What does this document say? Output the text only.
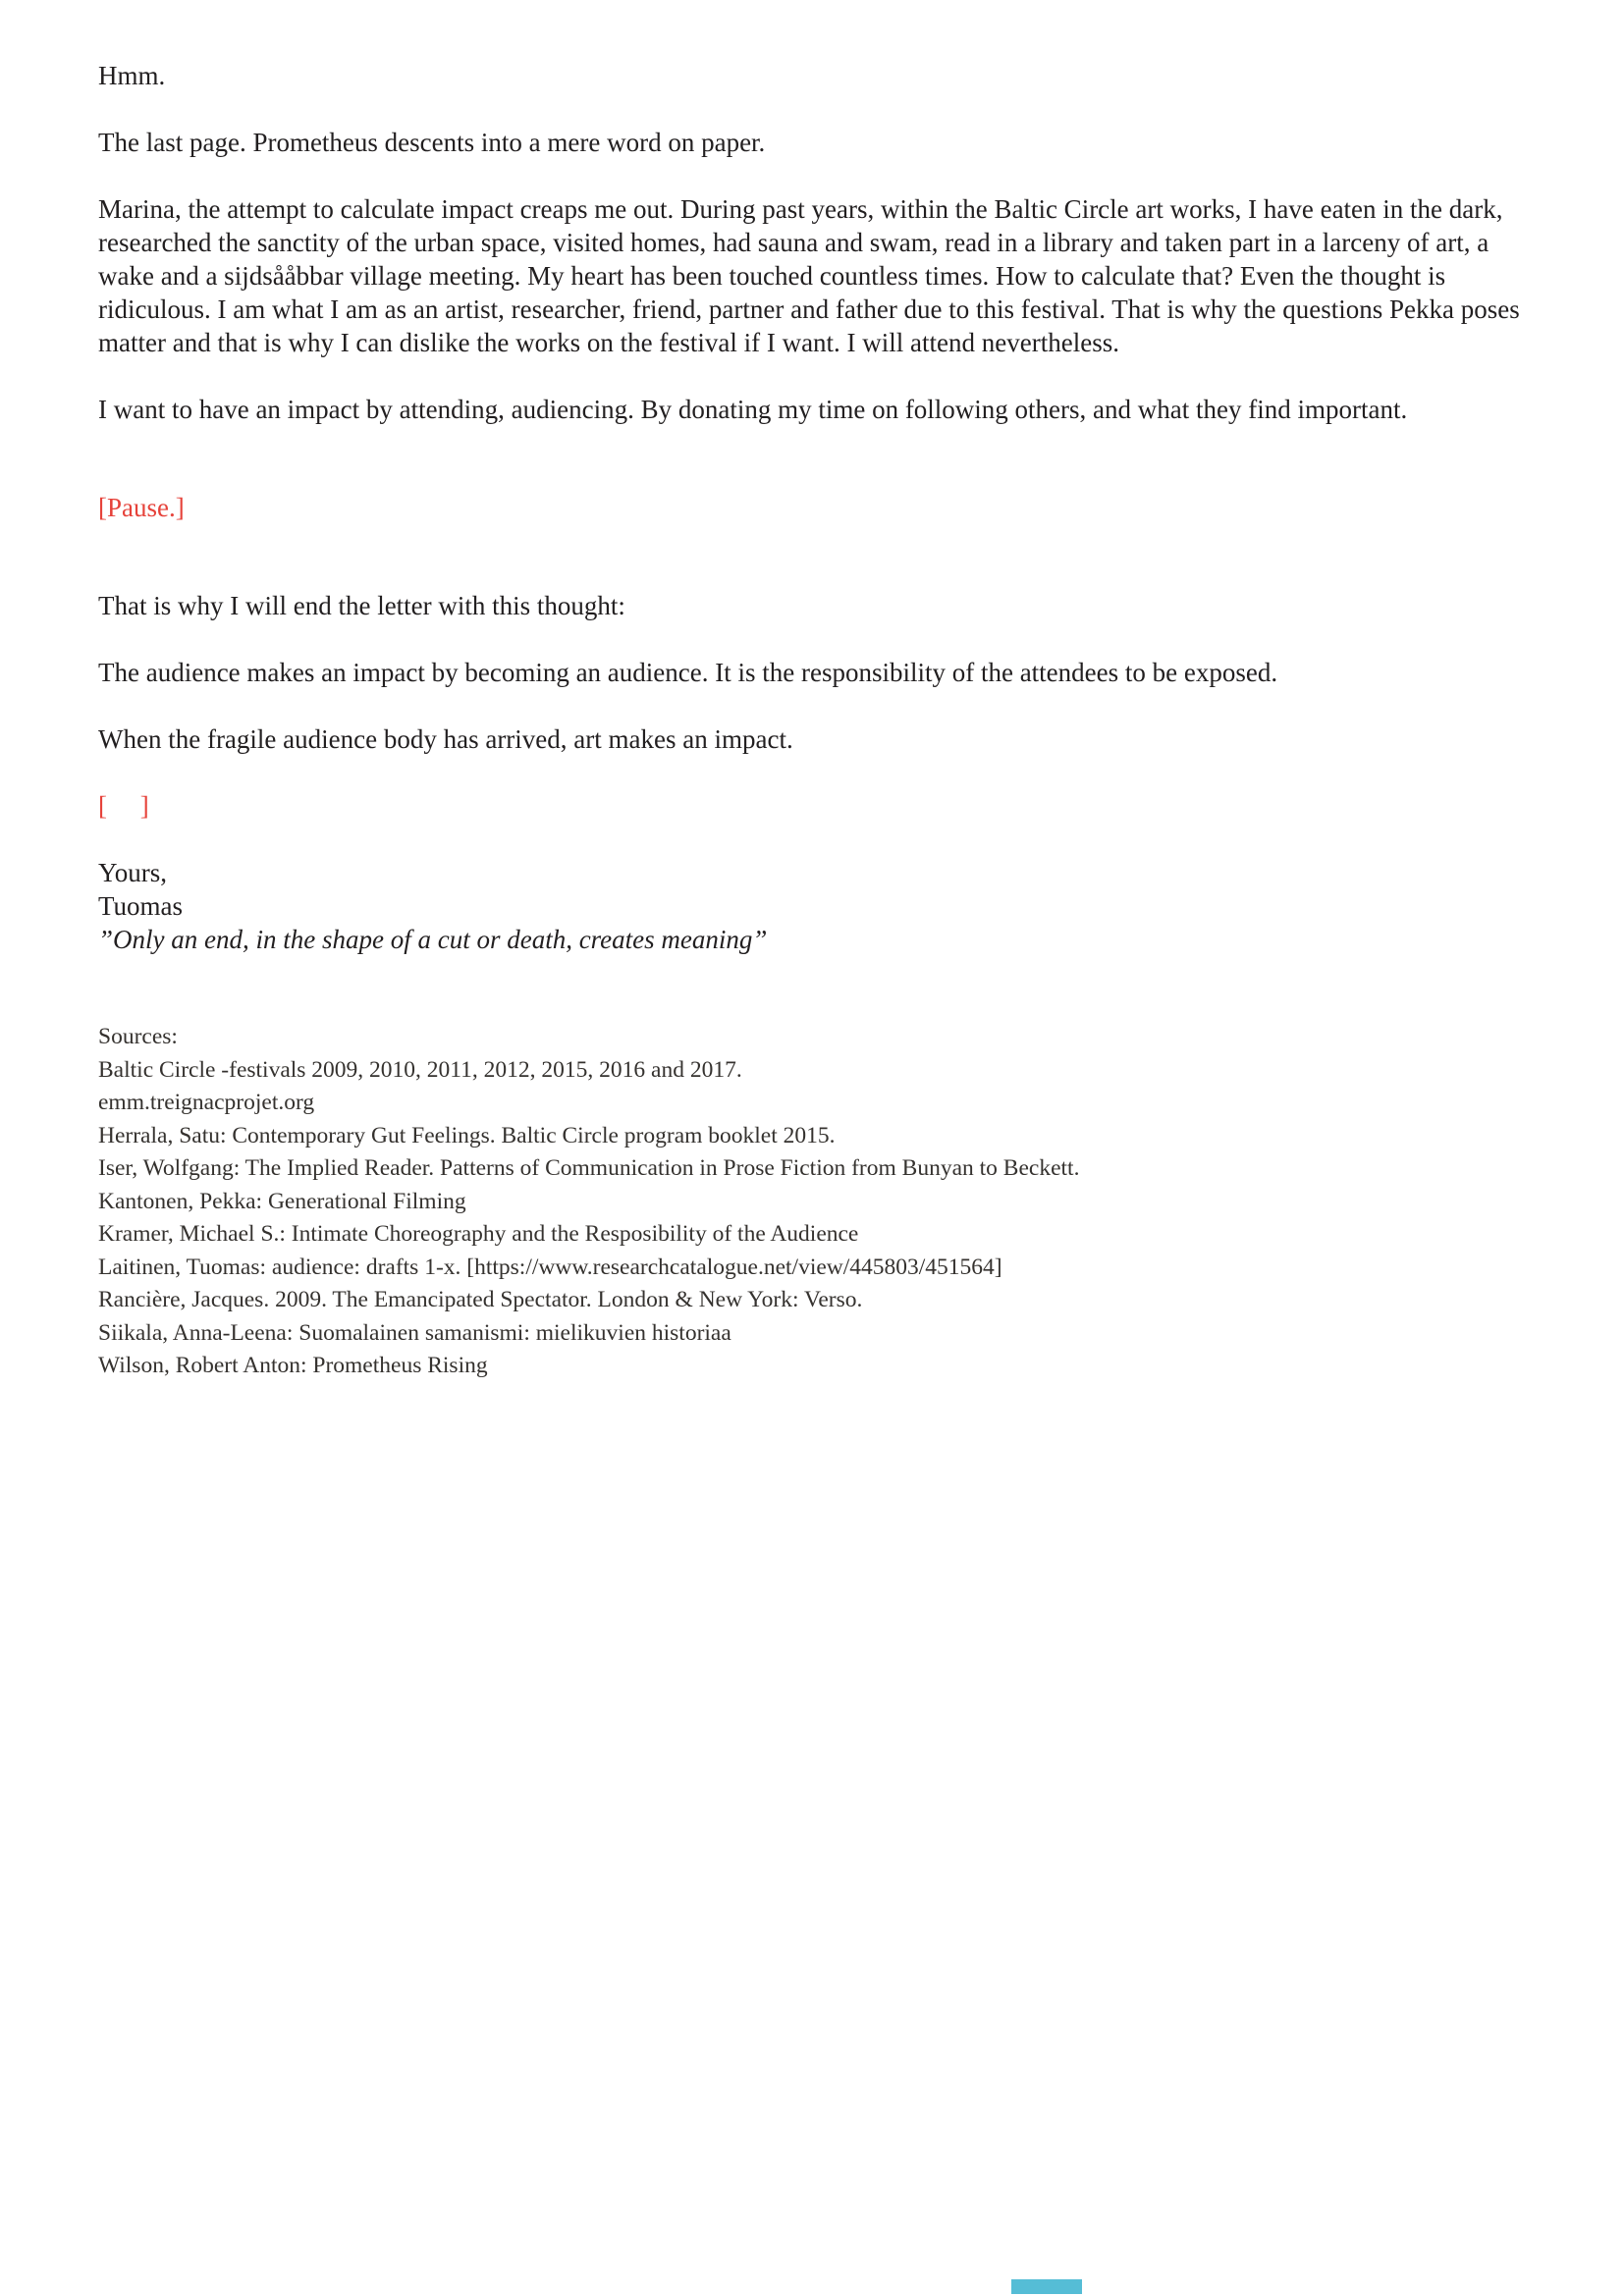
Hmm.

The last page. Prometheus descents into a mere word on paper.

Marina, the attempt to calculate impact creaps me out. During past years, within the Baltic Circle art works, I have eaten in the dark, researched the sanctity of the urban space, visited homes, had sauna and swam, read in a library and taken part in a larceny of art, a wake and a sijdsååbbar village meeting. My heart has been touched countless times. How to calculate that? Even the thought is ridiculous. I am what I am as an artist, researcher, friend, partner and father due to this festival. That is why the questions Pekka poses matter and that is why I can dislike the works on the festival if I want. I will attend nevertheless.

I want to have an impact by attending, audiencing. By donating my time on following others, and what they find important.

[Pause.]

That is why I will end the letter with this thought:

The audience makes an impact by becoming an audience. It is the responsibility of the attendees to be exposed.

When the fragile audience body has arrived, art makes an impact.

[     ]

Yours,

Tuomas

”Only an end, in the shape of a cut or death, creates meaning”

Sources:

Baltic Circle -festivals 2009, 2010, 2011, 2012, 2015, 2016 and 2017.

emm.treignacprojet.org

Herrala, Satu: Contemporary Gut Feelings. Baltic Circle program booklet 2015.

Iser, Wolfgang: The Implied Reader. Patterns of Communication in Prose Fiction from Bunyan to Beckett.

Kantonen, Pekka: Generational Filming

Kramer, Michael S.: Intimate Choreography and the Resposibility of the Audience

Laitinen, Tuomas: audience: drafts 1-x. [https://www.researchcatalogue.net/view/445803/451564]

Rancière, Jacques. 2009. The Emancipated Spectator. London & New York: Verso.

Siikala, Anna-Leena: Suomalainen samanismi: mielikuvien historiaa

Wilson, Robert Anton: Prometheus Rising
